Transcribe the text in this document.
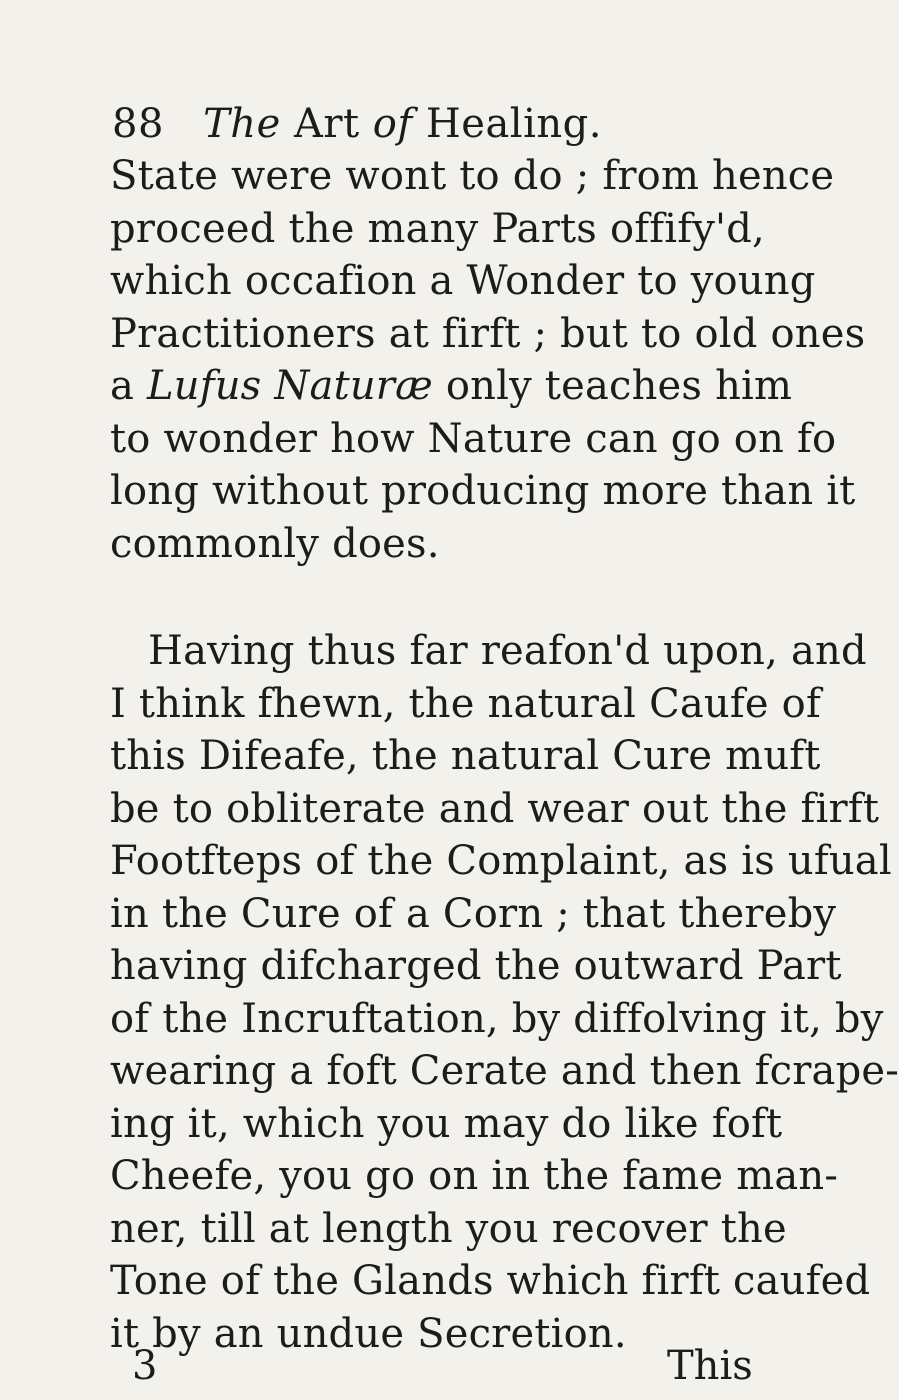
88 The Art of Healing.
State were wont to do ; from hence
proceed the many Parts offify'd,
which occafion a Wonder to young
Practitioners at firft ; but to old ones
a Lufus Naturæ only teaches him
to wonder how Nature can go on fo
long without producing more than it
commonly does.
Having thus far reafon'd upon, and
I think fhewn, the natural Caufe of
this Difeafe, the natural Cure muft
be to obliterate and wear out the firft
Footfteps of the Complaint, as is ufual
in the Cure of a Corn ; that thereby
having difcharged the outward Part
of the Incruftation, by diffolving it, by
wearing a foft Cerate and then fcrape-
ing it, which you may do like foft
Cheefe, you go on in the fame man-
ner, till at length you recover the
Tone of the Glands which firft caufed
it by an undue Secretion.
3	This
